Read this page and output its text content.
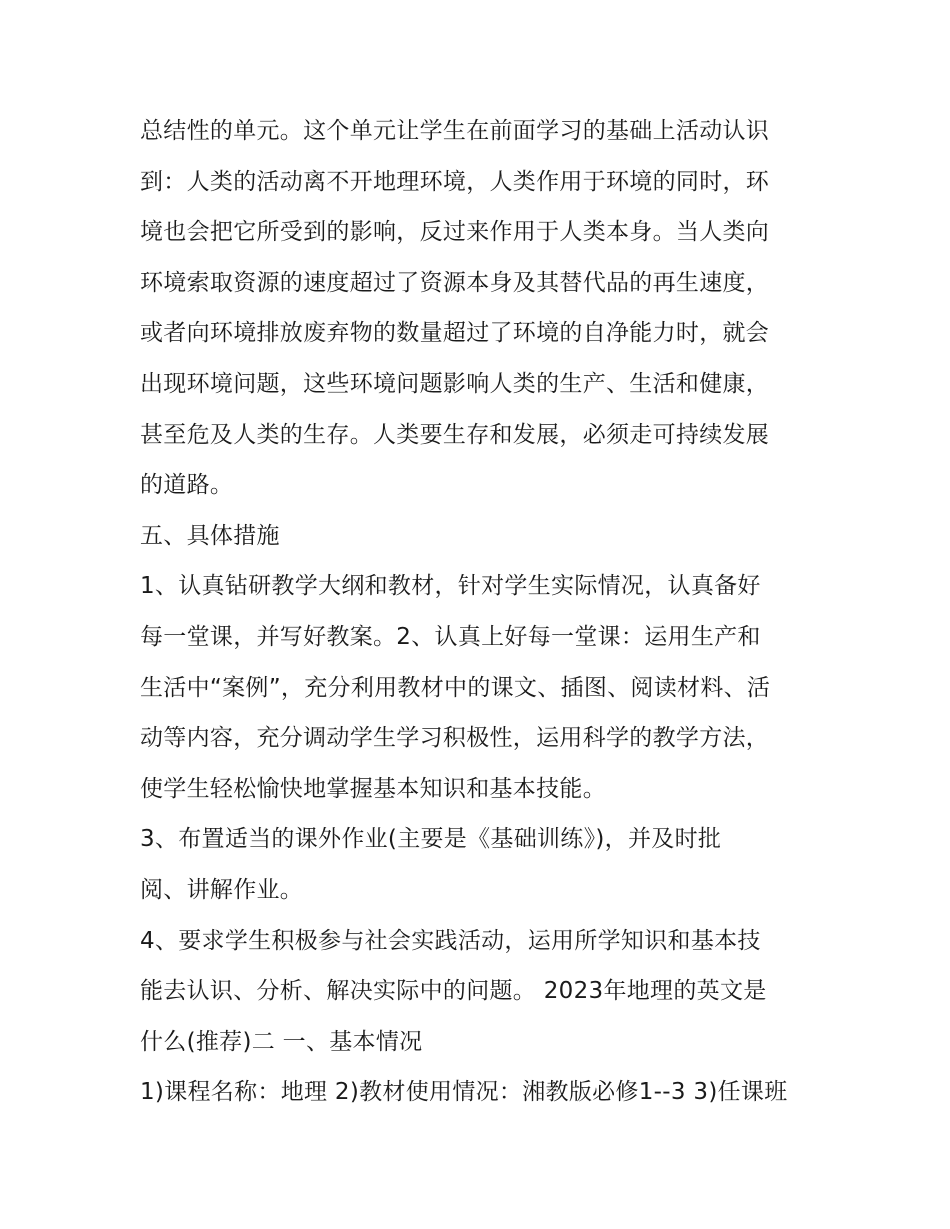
总结性的单元。这个单元让学生在前面学习的基础上活动认识
到：人类的活动离不开地理环境，人类作用于环境的同时，环
境也会把它所受到的影响，反过来作用于人类本身。当人类向
环境索取资源的速度超过了资源本身及其替代品的再生速度，
或者向环境排放废弃物的数量超过了环境的自净能力时，就会
出现环境问题，这些环境问题影响人类的生产、生活和健康，
甚至危及人类的生存。人类要生存和发展，必须走可持续发展
的道路。
五、具体措施
1、认真钻研教学大纲和教材，针对学生实际情况，认真备好
每一堂课，并写好教案。2、认真上好每一堂课：运用生产和
生活中“案例”，充分利用教材中的课文、插图、阅读材料、活
动等内容，充分调动学生学习积极性，运用科学的教学方法，
使学生轻松愉快地掌握基本知识和基本技能。
3、布置适当的课外作业(主要是《基础训练》)，并及时批
阅、讲解作业。
4、要求学生积极参与社会实践活动，运用所学知识和基本技
能去认识、分析、解决实际中的问题。 2023年地理的英文是
什么(推荐)二 一、基本情况
1)课程名称：地理 2)教材使用情况：湘教版必修1--3 3)任课班
